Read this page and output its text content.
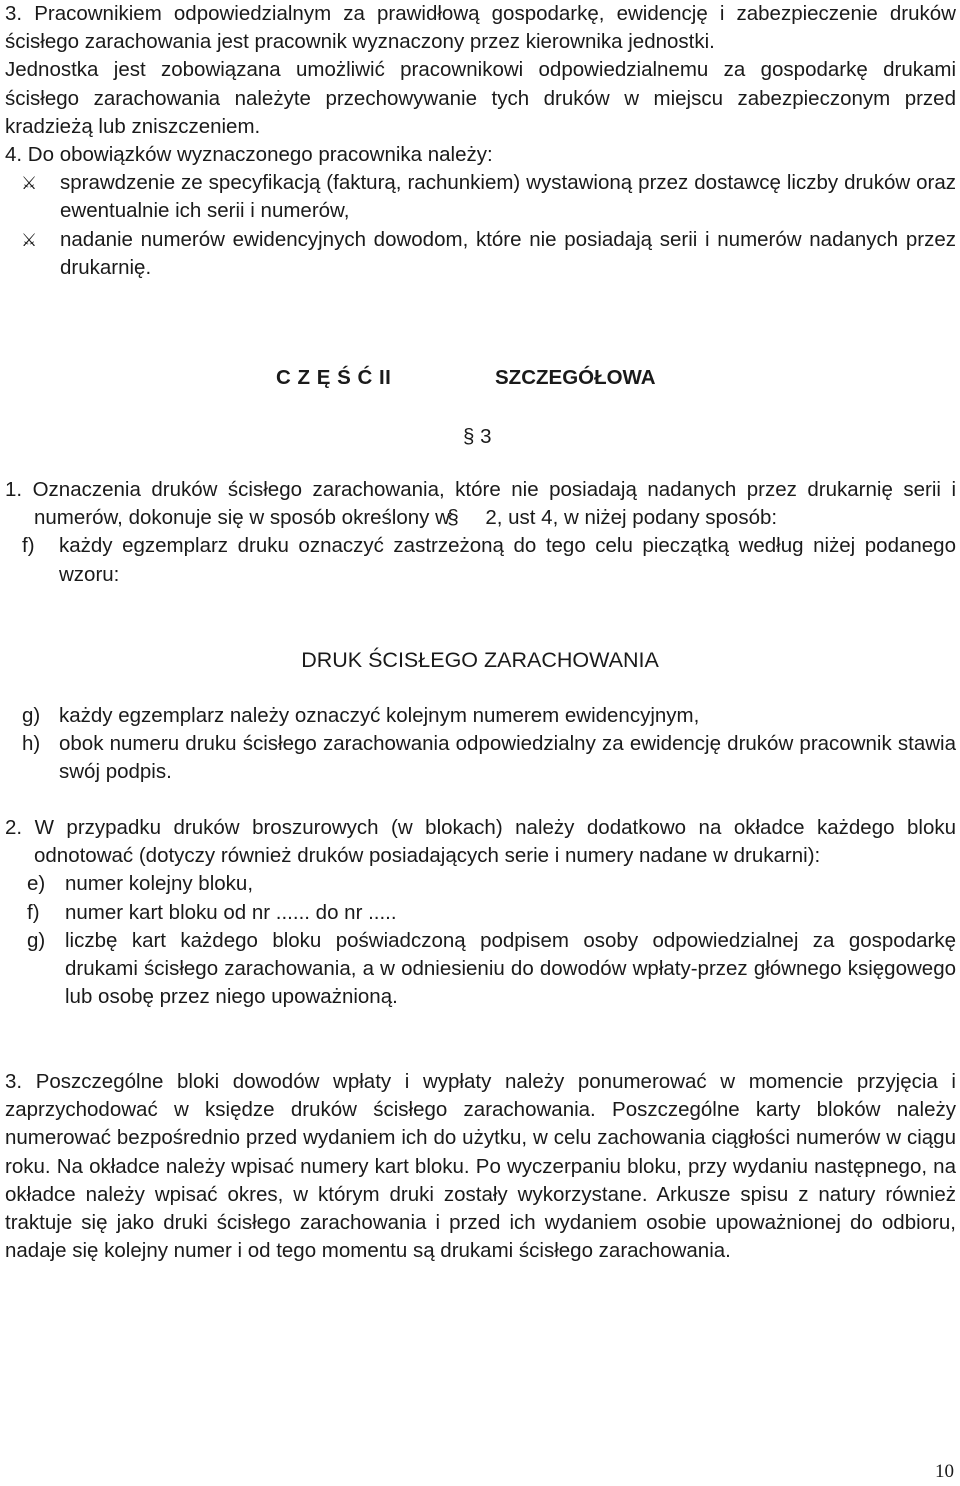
3. Pracownikiem odpowiedzialnym za prawidłową gospodarkę, ewidencję i zabezpieczenie druków ścisłego zarachowania jest pracownik wyznaczony przez kierownika jednostki.

Jednostka jest zobowiązana umożliwić pracownikowi odpowiedzialnemu za gospodarkę drukami ścisłego zarachowania należyte przechowywanie tych druków w miejscu zabezpieczonym przed kradzieżą lub zniszczeniem.

4. Do obowiązków wyznaczonego pracownika należy:

⚔ sprawdzenie ze specyfikacją (fakturą, rachunkiem) wystawioną przez dostawcę liczby druków oraz ewentualnie ich serii i numerów,
⚔ nadanie numerów ewidencyjnych dowodom, które nie posiadają serii i numerów nadanych przez drukarnię.
C Z Ę Ś Ć II	SZCZEGÓŁOWA
§ 3

1. Oznaczenia druków ścisłego zarachowania, które nie posiadają nadanych przez drukarnię serii i numerów, dokonuje się w sposób określony w § 2, ust 4, w niżej podany sposób:

f) każdy egzemplarz druku oznaczyć zastrzeżoną do tego celu pieczątką według niżej podanego wzoru:
DRUK ŚCISŁEGO ZARACHOWANIA
g) każdy egzemplarz należy oznaczyć kolejnym numerem ewidencyjnym,
h) obok numeru druku ścisłego zarachowania odpowiedzialny za ewidencję druków pracownik stawia swój podpis.

2. W przypadku druków broszurowych (w blokach) należy dodatkowo na okładce każdego bloku odnotować (dotyczy również druków posiadających serie i numery nadane w drukarni):

e) numer kolejny bloku,
f) numer kart bloku od nr ...... do nr .....
g) liczbę kart każdego bloku poświadczoną podpisem osoby odpowiedzialnej za gospodarkę drukami ścisłego zarachowania, a w odniesieniu do dowodów wpłaty-przez głównego księgowego lub osobę przez niego upoważnioną.

3. Poszczególne bloki dowodów wpłaty i wypłaty należy ponumerować w momencie przyjęcia i zaprzychodować w księdze druków ścisłego zarachowania. Poszczególne karty bloków należy numerować bezpośrednio przed wydaniem ich do użytku, w celu zachowania ciągłości numerów w ciągu roku. Na okładce należy wpisać numery kart bloku. Po wyczerpaniu bloku, przy wydaniu następnego, na okładce należy wpisać okres, w którym druki zostały wykorzystane. Arkusze spisu z natury również traktuje się jako druki ścisłego zarachowania i przed ich wydaniem osobie upoważnionej do odbioru, nadaje się kolejny numer i od tego momentu są drukami ścisłego zarachowania.

10
